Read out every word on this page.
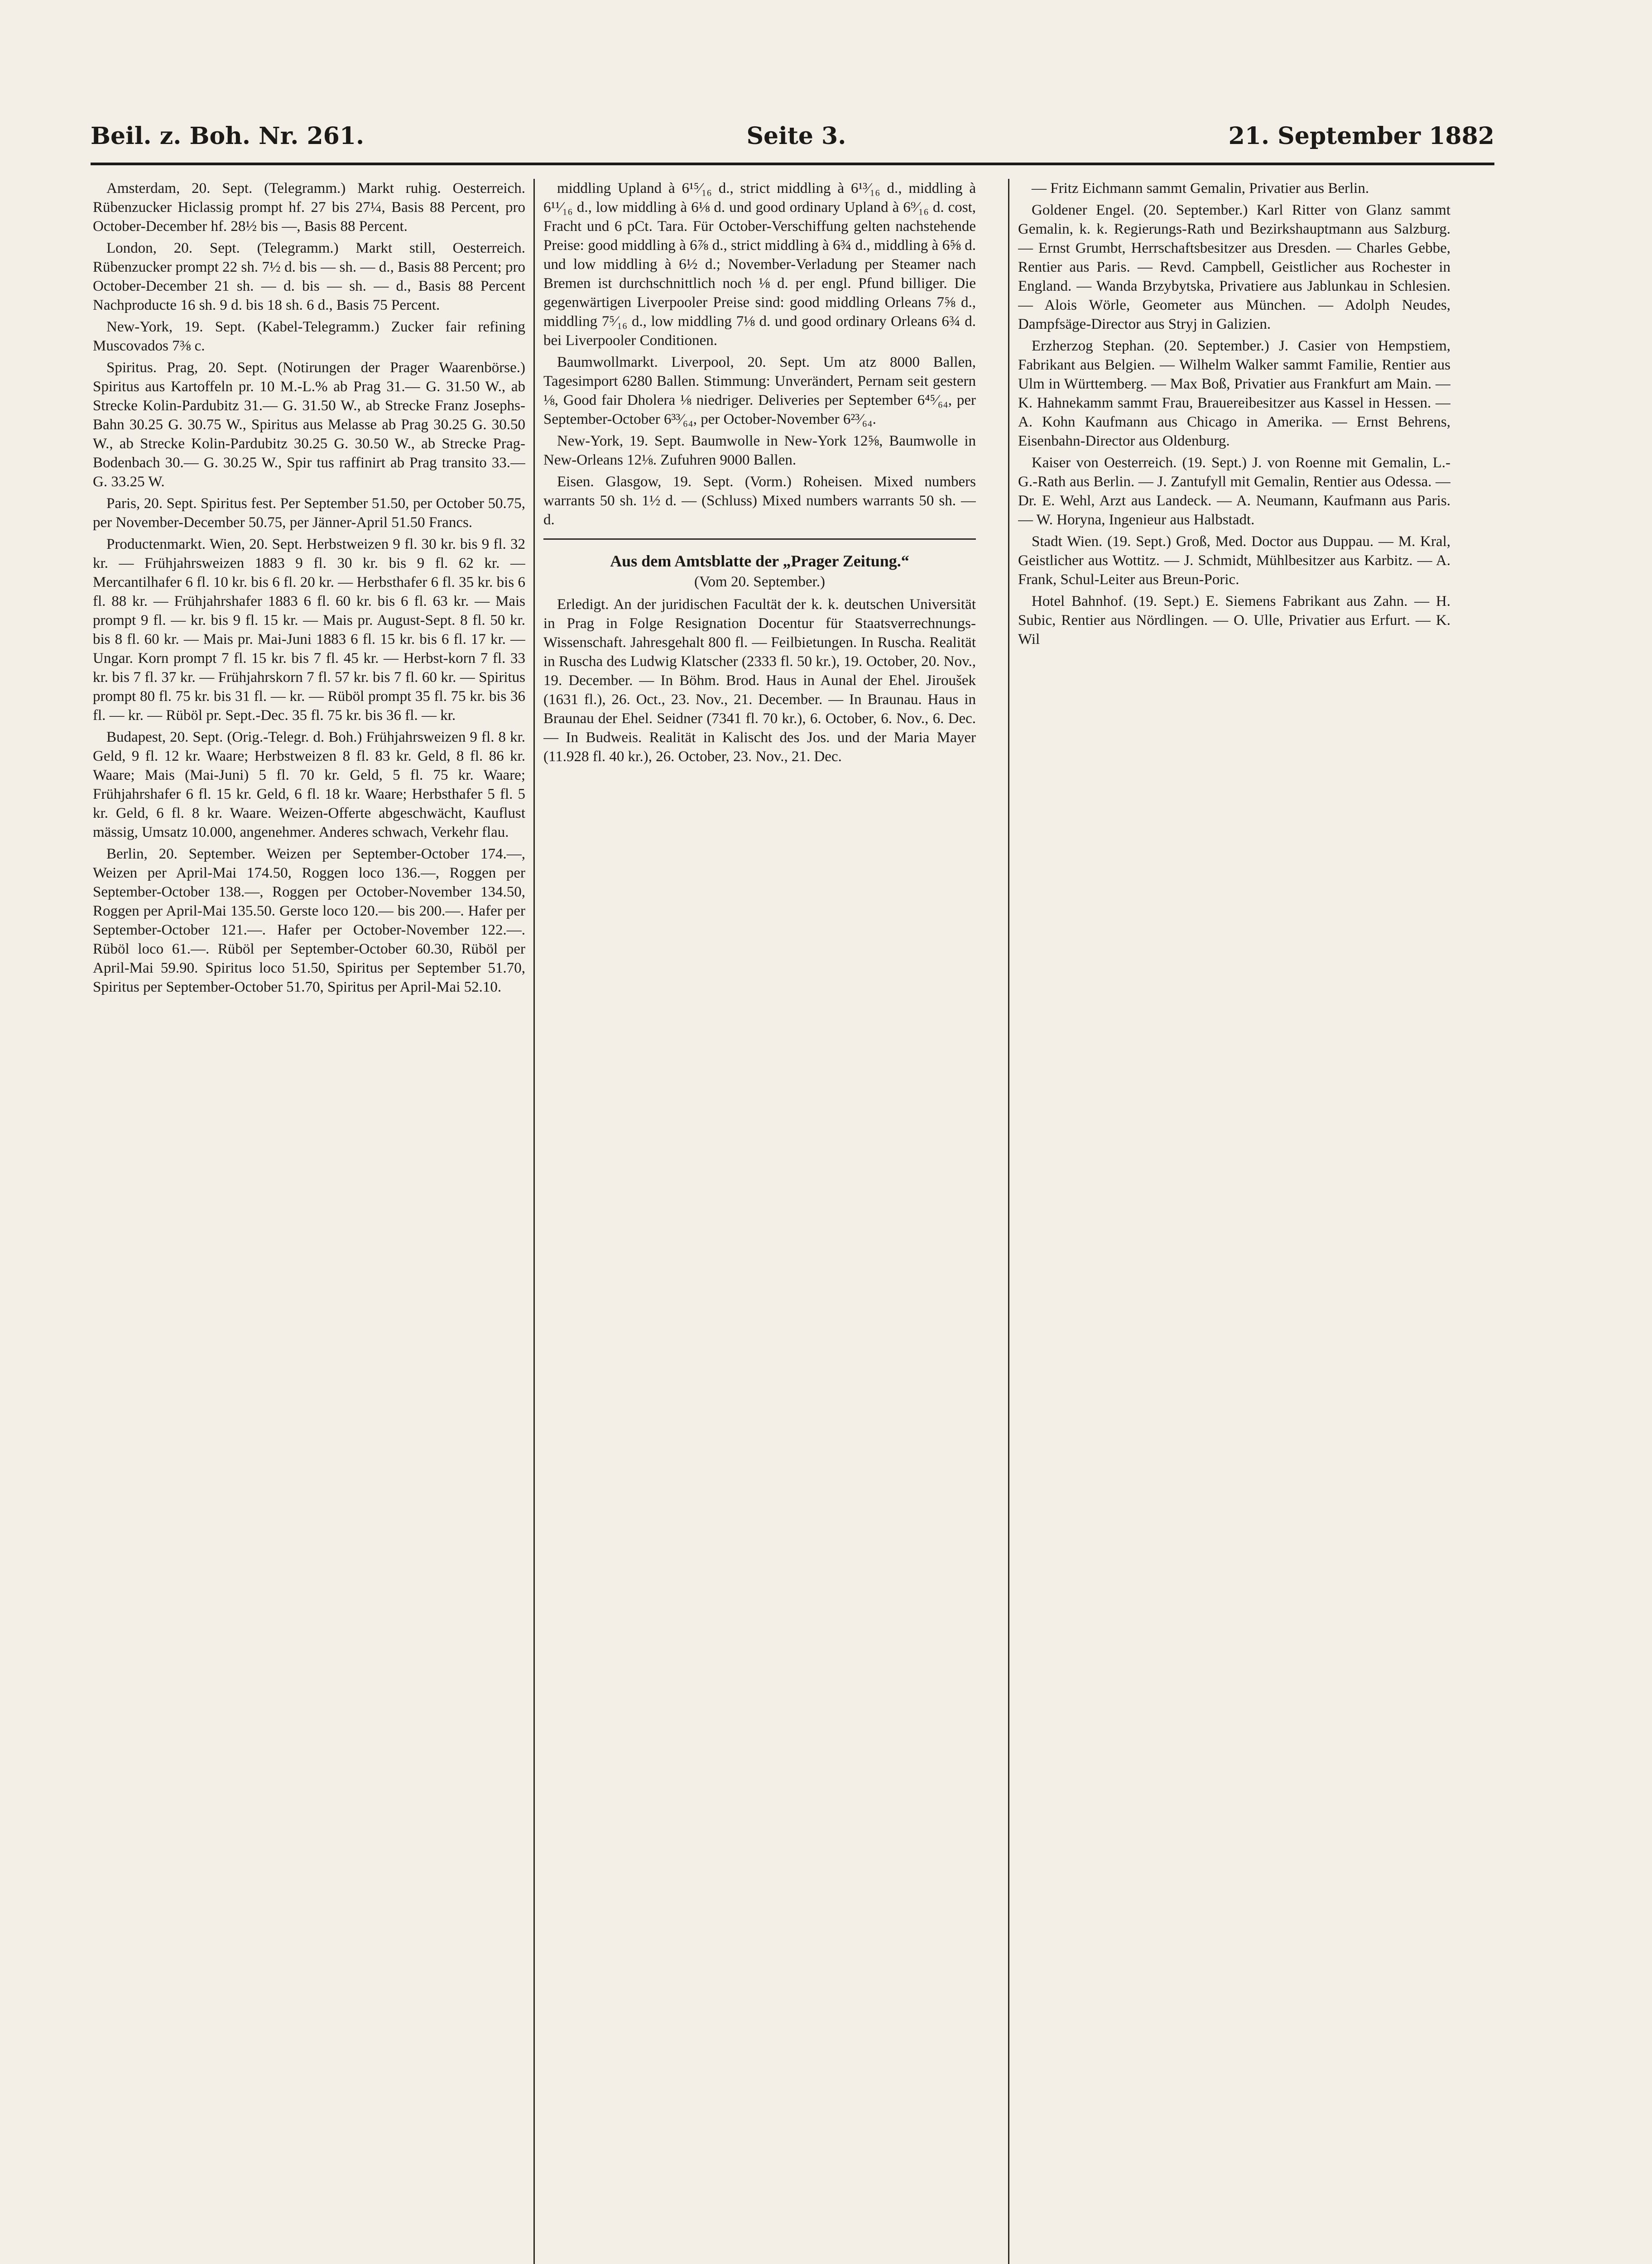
Beil. z. Boh. Nr. 261.	Seite 3.	21. September 1882

Amsterdam, 20. Sept. (Telegramm.) Markt ruhig. Oesterreich. Rübenzucker Hiclassig prompt hf. 27 bis 27¼, Basis 88 Percent, pro October-December hf. 28½ bis —, Basis 88 Percent.

London, 20. Sept. (Telegramm.) Markt still, Oesterreich. Rübenzucker prompt 22 sh. 7½ d. bis — sh. — d., Basis 88 Percent; pro October-December 21 sh. — d. bis — sh. — d., Basis 88 Percent Nachproducte 16 sh. 9 d. bis 18 sh. 6 d., Basis 75 Percent.

New-York, 19. Sept. (Kabel-Telegramm.) Zucker fair refining Muscovados 7⅜ c.

Spiritus. Prag, 20. Sept. (Notirungen der Prager Waarenbörse.) Spiritus aus Kartoffeln pr. 10 M.-L.% ab Prag 31.— G. 31.50 W., ab Strecke Kolin-Pardubitz 31.— G. 31.50 W., ab Strecke Franz Josephs-Bahn 30.25 G. 30.75 W., Spiritus aus Melasse ab Prag 30.25 G. 30.50 W., ab Strecke Kolin-Pardubitz 30.25 G. 30.50 W., ab Strecke Prag-Bodenbach 30.— G. 30.25 W., Spir tus raffinirt ab Prag transito 33.— G. 33.25 W.

Paris, 20. Sept. Spiritus fest. Per September 51.50, per October 50.75, per November-December 50.75, per Jänner-April 51.50 Francs.

Productenmarkt. Wien, 20. Sept. Herbstweizen 9 fl. 30 kr. bis 9 fl. 32 kr. — Frühjahrsweizen 1883 9 fl. 30 kr. bis 9 fl. 62 kr. — Mercantilhafer 6 fl. 10 kr. bis 6 fl. 20 kr. — Herbsthafer 6 fl. 35 kr. bis 6 fl. 88 kr. — Frühjahrshafer 1883 6 fl. 60 kr. bis 6 fl. 63 kr. — Mais prompt 9 fl. — kr. bis 9 fl. 15 kr. — Mais pr. August-Sept. 8 fl. 50 kr. bis 8 fl. 60 kr. — Mais pr. Mai-Juni 1883 6 fl. 15 kr. bis 6 fl. 17 kr. — Ungar. Korn prompt 7 fl. 15 kr. bis 7 fl. 45 kr. — Herbst-korn 7 fl. 33 kr. bis 7 fl. 37 kr. — Frühjahrskorn 7 fl. 57 kr. bis 7 fl. 60 kr. — Spiritus prompt 80 fl. 75 kr. bis 31 fl. — kr. — Rüböl prompt 35 fl. 75 kr. bis 36 fl. — kr. — Rüböl pr. Sept.-Dec. 35 fl. 75 kr. bis 36 fl. — kr.

Budapest, 20. Sept. (Orig.-Telegr. d. Boh.) Frühjahrsweizen 9 fl. 8 kr. Geld, 9 fl. 12 kr. Waare; Herbstweizen 8 fl. 83 kr. Geld, 8 fl. 86 kr. Waare; Mais (Mai-Juni) 5 fl. 70 kr. Geld, 5 fl. 75 kr. Waare; Frühjahrshafer 6 fl. 15 kr. Geld, 6 fl. 18 kr. Waare; Herbsthafer 5 fl. 5 kr. Geld, 6 fl. 8 kr. Waare. Weizen-Offerte abgeschwächt, Kauflust mässig, Umsatz 10.000, angenehmer. Anderes schwach, Verkehr flau.

Berlin, 20. September. Weizen per September-October 174.—, Weizen per April-Mai 174.50, Roggen loco 136.—, Roggen per September-October 138.—, Roggen per October-November 134.50, Roggen per April-Mai 135.50. Gerste loco 120.— bis 200.—. Hafer per September-October 121.—. Hafer per October-November 122.—. Rüböl loco 61.—. Rüböl per September-October 60.30, Rüböl per April-Mai 59.90. Spiritus loco 51.50, Spiritus per September 51.70, Spiritus per September-October 51.70, Spiritus per April-Mai 52.10.

middling Upland à 6¹⁵⁄₁₆ d., strict middling à 6¹³⁄₁₆ d., middling à 6¹¹⁄₁₆ d., low middling à 6⅛ d. und good ordinary Upland à 6⁹⁄₁₆ d. cost, Fracht und 6 pCt. Tara. Für October-Verschiffung gelten nachstehende Preise: good middling à 6⅞ d., strict middling à 6¾ d., middling à 6⅝ d. und low middling à 6½ d.; November-Verladung per Steamer nach Bremen ist durchschnittlich noch ⅛ d. per engl. Pfund billiger. Die gegenwärtigen Liverpooler Preise sind: good middling Orleans 7⅝ d., middling 7⁵⁄₁₆ d., low middling 7⅛ d. und good ordinary Orleans 6¾ d. bei Liverpooler Conditionen.

Baumwollmarkt. Liverpool, 20. Sept. Um atz 8000 Ballen, Tagesimport 6280 Ballen. Stimmung: Unverändert, Pernam seit gestern ⅛, Good fair Dholera ⅛ niedriger. Deliveries per September 6⁴⁵⁄₆₄, per September-October 6³³⁄₆₄, per October-November 6²³⁄₆₄.

New-York, 19. Sept. Baumwolle in New-York 12⅝, Baumwolle in New-Orleans 12⅛. Zufuhren 9000 Ballen.

Eisen. Glasgow, 19. Sept. (Vorm.) Roheisen. Mixed numbers warrants 50 sh. 1½ d. — (Schluss) Mixed numbers warrants 50 sh. — d.

Aus dem Amtsblatte der „Prager Zeitung.“
(Vom 20. September.)

Erledigt. An der juridischen Facultät der k. k. deutschen Universität in Prag in Folge Resignation Docentur für Staatsverrechnungs-Wissenschaft. Jahresgehalt 800 fl. — Feilbietungen. In Ruscha. Realität in Ruscha des Ludwig Klatscher (2333 fl. 50 kr.), 19. October, 20. Nov., 19. December. — In Böhm. Brod. Haus in Aunal der Ehel. Jiroušek (1631 fl.), 26. Oct., 23. Nov., 21. December. — In Braunau. Haus in Braunau der Ehel. Seidner (7341 fl. 70 kr.), 6. October, 6. Nov., 6. Dec. — In Budweis. Realität in Kalischt des Jos. und der Maria Mayer (11.928 fl. 40 kr.), 26. October, 23. Nov., 21. Dec.

— Fritz Eichmann sammt Gemalin, Privatier aus Berlin.

Goldener Engel. (20. September.) Karl Ritter von Glanz sammt Gemalin, k. k. Regierungs-Rath und Bezirkshauptmann aus Salzburg. — Ernst Grumbt, Herrschaftsbesitzer aus Dresden. — Charles Gebbe, Rentier aus Paris. — Revd. Campbell, Geistlicher aus Rochester in England. — Wanda Brzybytska, Privatiere aus Jablunkau in Schlesien. — Alois Wörle, Geometer aus München. — Adolph Neudes, Dampfsäge-Director aus Stryj in Galizien.

Erzherzog Stephan. (20. September.) J. Casier von Hempstiem, Fabrikant aus Belgien. — Wilhelm Walker sammt Familie, Rentier aus Ulm in Württemberg. — Max Boß, Privatier aus Frankfurt am Main. — K. Hahnekamm sammt Frau, Brauereibesitzer aus Kassel in Hessen. — A. Kohn Kaufmann aus Chicago in Amerika. — Ernst Behrens, Eisenbahn-Director aus Oldenburg.

Kaiser von Oesterreich. (19. Sept.) J. von Roenne mit Gemalin, L.-G.-Rath aus Berlin. — J. Zantufyll mit Gemalin, Rentier aus Odessa. — Dr. E. Wehl, Arzt aus Landeck. — A. Neumann, Kaufmann aus Paris. — W. Horyna, Ingenieur aus Halbstadt.

Stadt Wien. (19. Sept.) Groß, Med. Doctor aus Duppau. — M. Kral, Geistlicher aus Wottitz. — J. Schmidt, Mühlbesitzer aus Karbitz. — A. Frank, Schul-Leiter aus Breun-Poric.

Hotel Bahnhof. (19. Sept.) E. Siemens Fabrikant aus Zahn. — H. Subic, Rentier aus Nördlingen. — O. Ulle, Privatier aus Erfurt. — K. Wil
